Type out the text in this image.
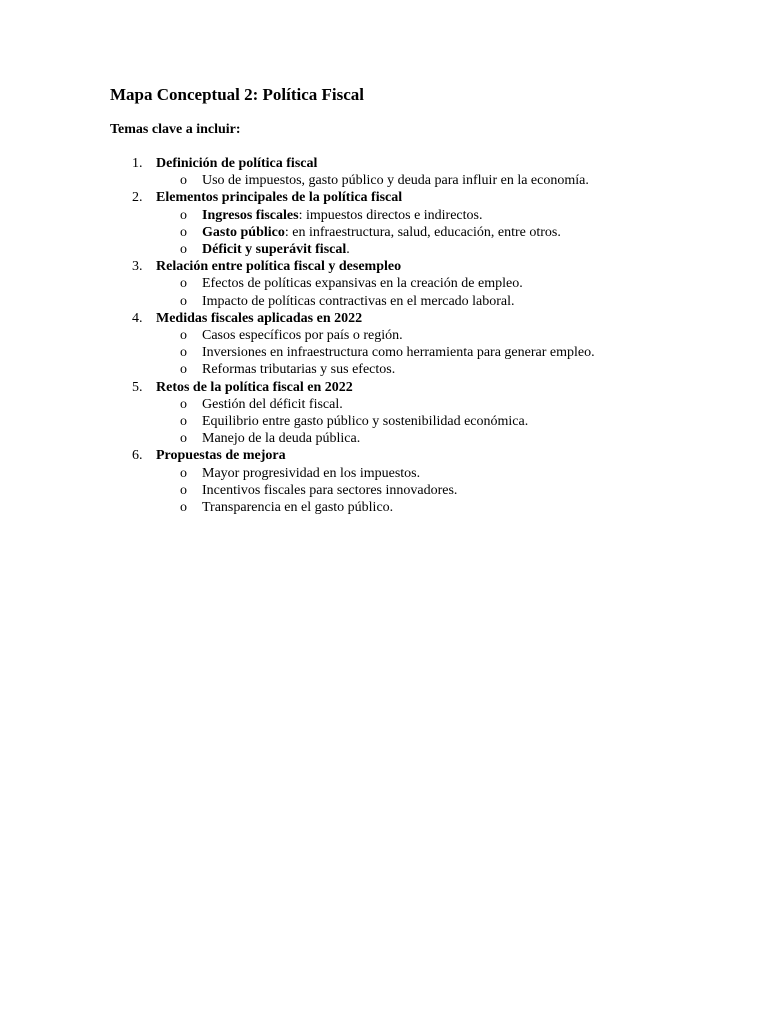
Mapa Conceptual 2: Política Fiscal

Temas clave a incluir:

1. Definición de política fiscal
o Uso de impuestos, gasto público y deuda para influir en la economía.
2. Elementos principales de la política fiscal
o Ingresos fiscales: impuestos directos e indirectos.
o Gasto público: en infraestructura, salud, educación, entre otros.
o Déficit y superávit fiscal.
3. Relación entre política fiscal y desempleo
o Efectos de políticas expansivas en la creación de empleo.
o Impacto de políticas contractivas en el mercado laboral.
4. Medidas fiscales aplicadas en 2022
o Casos específicos por país o región.
o Inversiones en infraestructura como herramienta para generar empleo.
o Reformas tributarias y sus efectos.
5. Retos de la política fiscal en 2022
o Gestión del déficit fiscal.
o Equilibrio entre gasto público y sostenibilidad económica.
o Manejo de la deuda pública.
6. Propuestas de mejora
o Mayor progresividad en los impuestos.
o Incentivos fiscales para sectores innovadores.
o Transparencia en el gasto público.
